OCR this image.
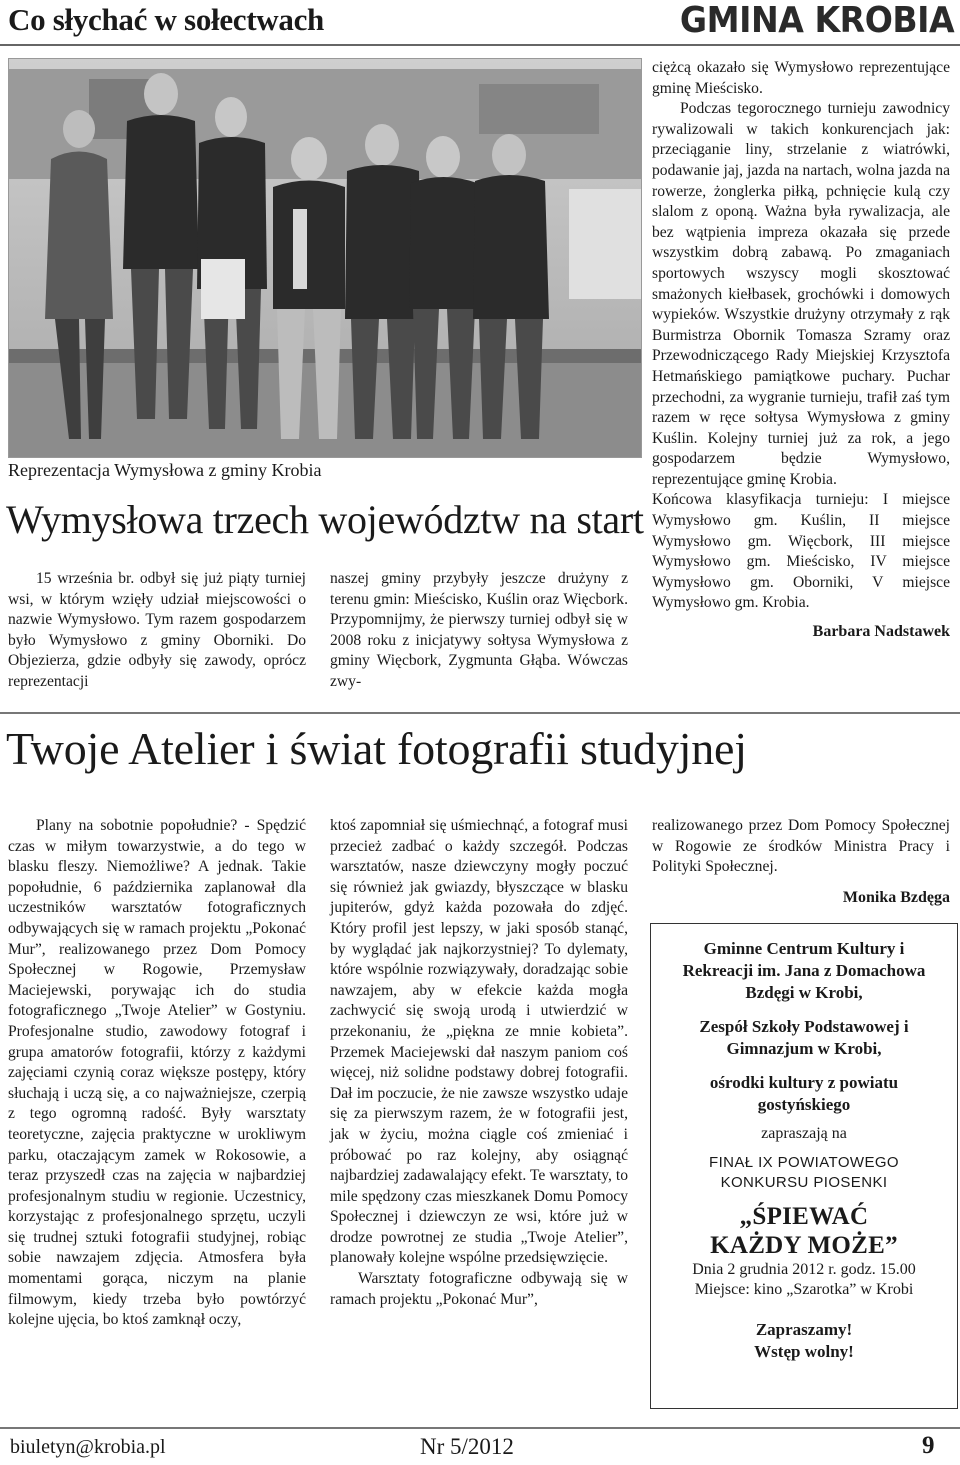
Co słychać w sołectwach	GMINA KROBIA
Reprezentacja Wymysłowa z gminy Krobia
Wymysłowa trzech województw na start

15 września br. odbył się już piąty turniej wsi, w którym wzięły udział miejscowości o nazwie Wymysłowo. Tym razem gospodarzem było Wymysłowo z gminy Oborniki. Do Objezierza, gdzie odbyły się zawody, oprócz reprezentacji

naszej gminy przybyły jeszcze drużyny z terenu gmin: Mieścisko, Kuślin oraz Więcbork. Przypomnijmy, że pierwszy turniej odbył się w 2008 roku z inicjatywy sołtysa Wymysłowa z gminy Więcbork, Zygmunta Głąba. Wówczas zwy-

ciężcą okazało się Wymysłowo reprezentujące gminę Mieścisko.

Podczas tegorocznego turnieju zawodnicy rywalizowali w takich konkurencjach jak: przeciąganie liny, strzelanie z wiatrówki, podawanie jaj, jazda na nartach, wolna jazda na rowerze, żonglerka piłką, pchnięcie kulą czy slalom z oponą. Ważna była rywalizacja, ale bez wątpienia impreza okazała się przede wszystkim dobrą zabawą. Po zmaganiach sportowych wszyscy mogli skosztować smażonych kiełbasek, grochówki i domowych wypieków. Wszystkie drużyny otrzymały z rąk Burmistrza Obornik Tomasza Szramy oraz Przewodniczącego Rady Miejskiej Krzysztofa Hetmańskiego pamiątkowe puchary. Puchar przechodni, za wygranie turnieju, trafił zaś tym razem w ręce sołtysa Wymysłowa z gminy Kuślin. Kolejny turniej już za rok, a jego gospodarzem będzie Wymysłowo, reprezentujące gminę Krobia.

Końcowa klasyfikacja turnieju: I miejsce Wymysłowo gm. Kuślin, II miejsce Wymysłowo gm. Więcbork, III miejsce Wymysłowo gm. Mieścisko, IV miejsce Wymysłowo gm. Oborniki, V miejsce Wymysłowo gm. Krobia.

Barbara Nadstawek

Twoje Atelier i świat fotografii studyjnej

Plany na sobotnie popołudnie? - Spędzić czas w miłym towarzystwie, a do tego w blasku fleszy. Niemożliwe? A jednak. Takie popołudnie, 6 października zaplanował dla uczestników warsztatów fotograficznych odbywających się w ramach projektu „Pokonać Mur”, realizowanego przez Dom Pomocy Społecznej w Rogowie, Przemysław Maciejewski, porywając ich do studia fotograficznego „Twoje Atelier” w Gostyniu. Profesjonalne studio, zawodowy fotograf i grupa amatorów fotografii, którzy z każdymi zajęciami czynią coraz większe postępy, który słuchają i uczą się, a co najważniejsze, czerpią z tego ogromną radość. Były warsztaty teoretyczne, zajęcia praktyczne w urokliwym parku, otaczającym zamek w Rokosowie, a teraz przyszedł czas na zajęcia w najbardziej profesjonalnym studiu w regionie. Uczestnicy, korzystając z profesjonalnego sprzętu, uczyli się trudnej sztuki fotografii studyjnej, robiąc sobie nawzajem zdjęcia. Atmosfera była momentami gorąca, niczym na planie filmowym, kiedy trzeba było powtórzyć kolejne ujęcia, bo ktoś zamknął oczy,

ktoś zapomniał się uśmiechnąć, a fotograf musi przecież zadbać o każdy szczegół. Podczas warsztatów, nasze dziewczyny mogły poczuć się również jak gwiazdy, błyszczące w blasku jupiterów, gdyż każda pozowała do zdjęć. Który profil jest lepszy, w jaki sposób stanąć, by wyglądać jak najkorzystniej? To dylematy, które wspólnie rozwiązywały, doradzając sobie nawzajem, aby w efekcie każda mogła zachwycić się swoją urodą i utwierdzić w przekonaniu, że „piękna ze mnie kobieta”. Przemek Maciejewski dał naszym paniom coś więcej, niż solidne podstawy dobrej fotografii. Dał im poczucie, że nie zawsze wszystko udaje się za pierwszym razem, że w fotografii jest, jak w życiu, można ciągle coś zmieniać i próbować po raz kolejny, aby osiągnąć najbardziej zadawalający efekt. Te warsztaty, to mile spędzony czas mieszkanek Domu Pomocy Społecznej i dziewczyn ze wsi, które już w drodze powrotnej ze studia „Twoje Atelier”, planowały kolejne wspólne przedsięwzięcie.

Warsztaty fotograficzne odbywają się w ramach projektu „Pokonać Mur”,

realizowanego przez Dom Pomocy Społecznej w Rogowie ze środków Ministra Pracy i Polityki Społecznej.

Monika Bzdęga

Gminne Centrum Kultury i Rekreacji im. Jana z Domachowa Bzdęgi w Krobi,
Zespół Szkoły Podstawowej i Gimnazjum w Krobi,
ośrodki kultury z powiatu gostyńskiego
zapraszają na
FINAŁ IX POWIATOWEGO
KONKURSU PIOSENKI
„ŚPIEWAĆ
KAŻDY MOŻE”
Dnia 2 grudnia 2012 r. godz. 15.00
Miejsce: kino „Szarotka” w Krobi
Zapraszamy!
Wstęp wolny!
biuletyn@krobia.pl	Nr 5/2012	9
